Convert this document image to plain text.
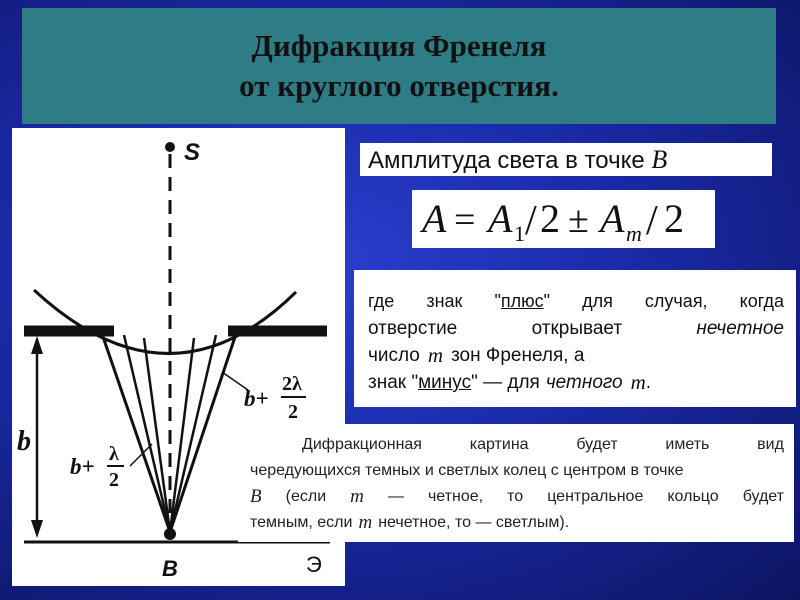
Дифракция Френеля
от круглого отверстия.
S
B	Э
b
b+ λ
2
b+
2λ
2
Амплитуда света в точке B
A = A 1 / 2 ± A m / 2
где знак "плюс" для случая, когда
отверстие	открывает	нечетное
число m зон Френеля, а
знак " минус " — для четного m .
Дифракционная	картина	будет	иметь	вид
чередующихся темных и светлых колец с центром в точке
B (если m — четное, то центральное кольцо будет
темным, если m нечетное, то — светлым).
